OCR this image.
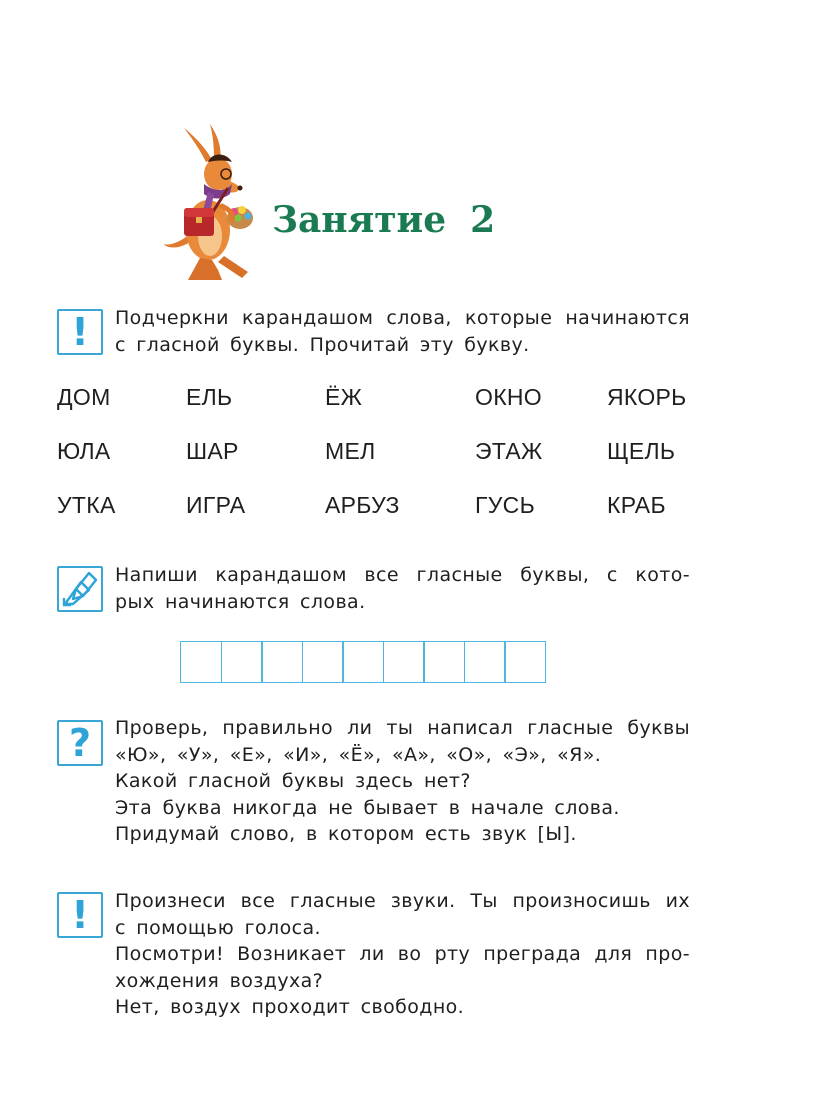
Занятие 2
!	Подчеркни карандашом слова, которые начинаются
с гласной буквы. Прочитай эту букву.

ДОМ	ЕЛЬ	ЁЖ	ОКНО	ЯКОРЬ
ЮЛА	ШАР	МЕЛ	ЭТАЖ	ЩЕЛЬ
УТКА	ИГРА	АРБУЗ	ГУСЬ	КРАБ

Напиши карандашом все гласные буквы, с кото-
рых начинаются слова.

?	Проверь, правильно ли ты написал гласные буквы
«Ю», «У», «Е», «И», «Ё», «А», «О», «Э», «Я».
Какой гласной буквы здесь нет?
Эта буква никогда не бывает в начале слова.
Придумай слово, в котором есть звук [Ы].

!	Произнеси все гласные звуки. Ты произносишь их
с помощью голоса.
Посмотри! Возникает ли во рту преграда для про-
хождения воздуха?
Нет, воздух проходит свободно.
